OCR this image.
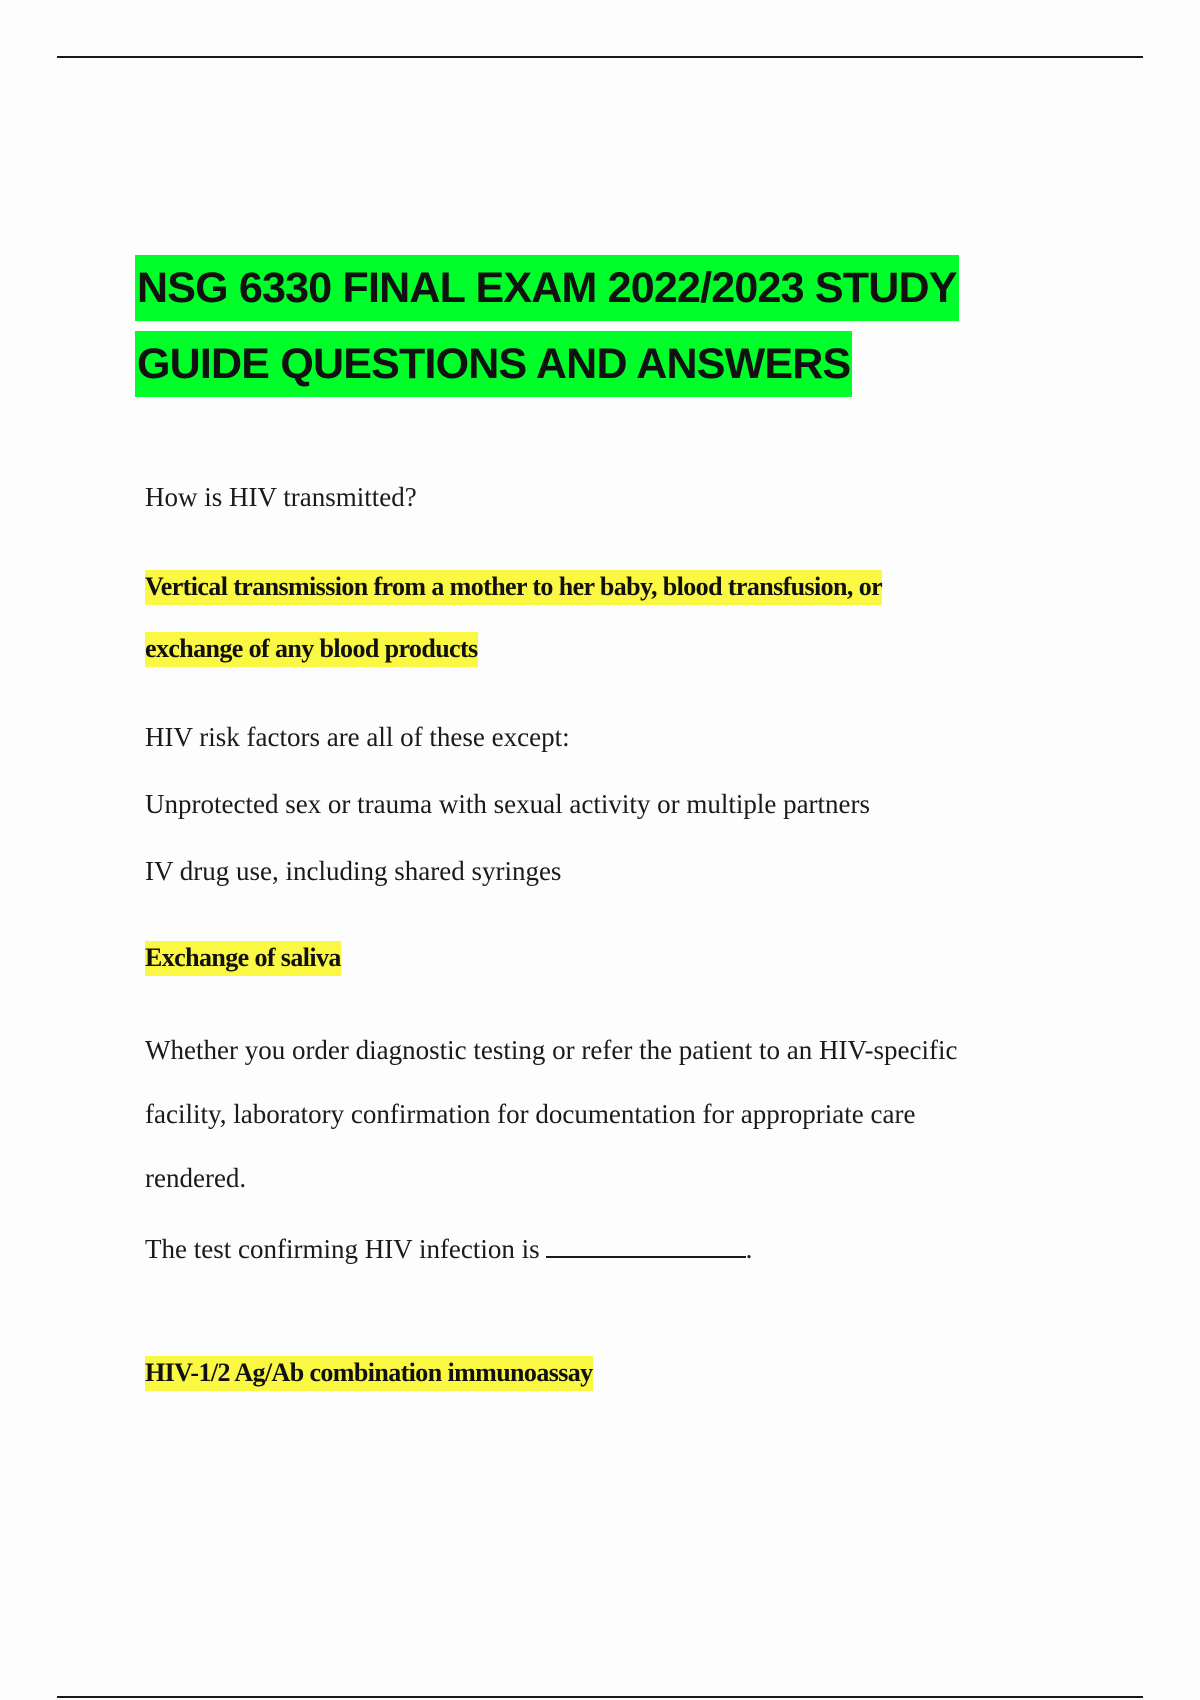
NSG 6330 FINAL EXAM 2022/2023 STUDY
GUIDE QUESTIONS AND ANSWERS
How is HIV transmitted?
Vertical transmission from a mother to her baby, blood transfusion, or
exchange of any blood products
HIV risk factors are all of these except:
Unprotected sex or trauma with sexual activity or multiple partners
IV drug use, including shared syringes
Exchange of saliva
Whether you order diagnostic testing or refer the patient to an HIV-specific
facility, laboratory confirmation for documentation for appropriate care
rendered.
The test confirming HIV infection is	.
HIV-1/2 Ag/Ab combination immunoassay
